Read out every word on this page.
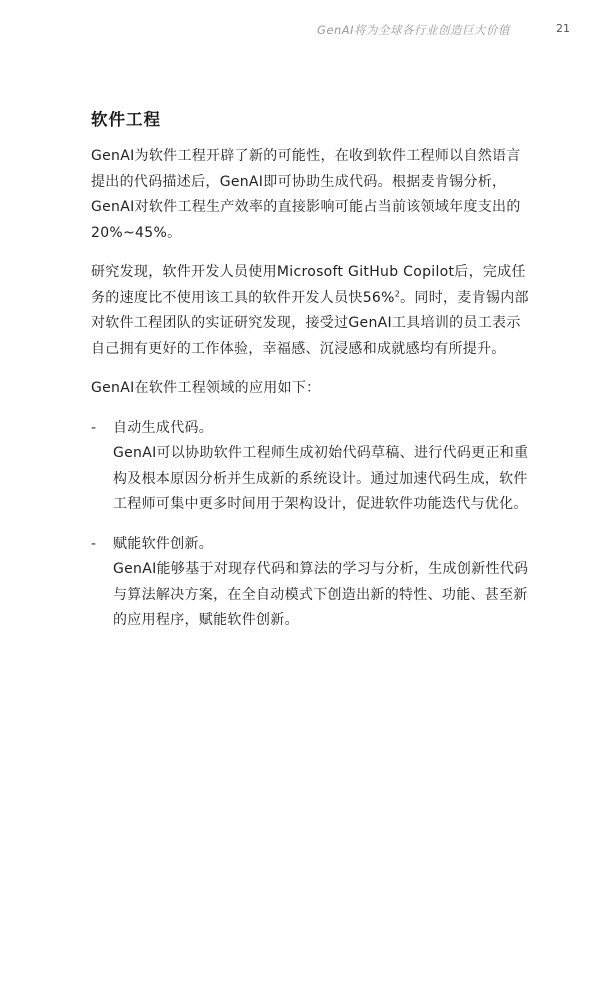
GenAI将为全球各行业创造巨大价值	21
软件工程

GenAI为软件工程开辟了新的可能性，在收到软件工程师以自然语言提出的代码描述后，GenAI即可协助生成代码。根据麦肯锡分析，GenAI对软件工程生产效率的直接影响可能占当前该领域年度支出的20%~45%。

研究发现，软件开发人员使用Microsoft GitHub Copilot后，完成任务的速度比不使用该工具的软件开发人员快56%$^2$。同时，麦肯锡内部对软件工程团队的实证研究发现，接受过GenAI工具培训的员工表示自己拥有更好的工作体验，幸福感、沉浸感和成就感均有所提升。

GenAI在软件工程领域的应用如下：

-	自动生成代码。
GenAI可以协助软件工程师生成初始代码草稿、进行代码更正和重构及根本原因分析并生成新的系统设计。通过加速代码生成，软件工程师可集中更多时间用于架构设计，促进软件功能迭代与优化。
-	赋能软件创新。
GenAI能够基于对现存代码和算法的学习与分析，生成创新性代码与算法解决方案，在全自动模式下创造出新的特性、功能、甚至新的应用程序，赋能软件创新。
